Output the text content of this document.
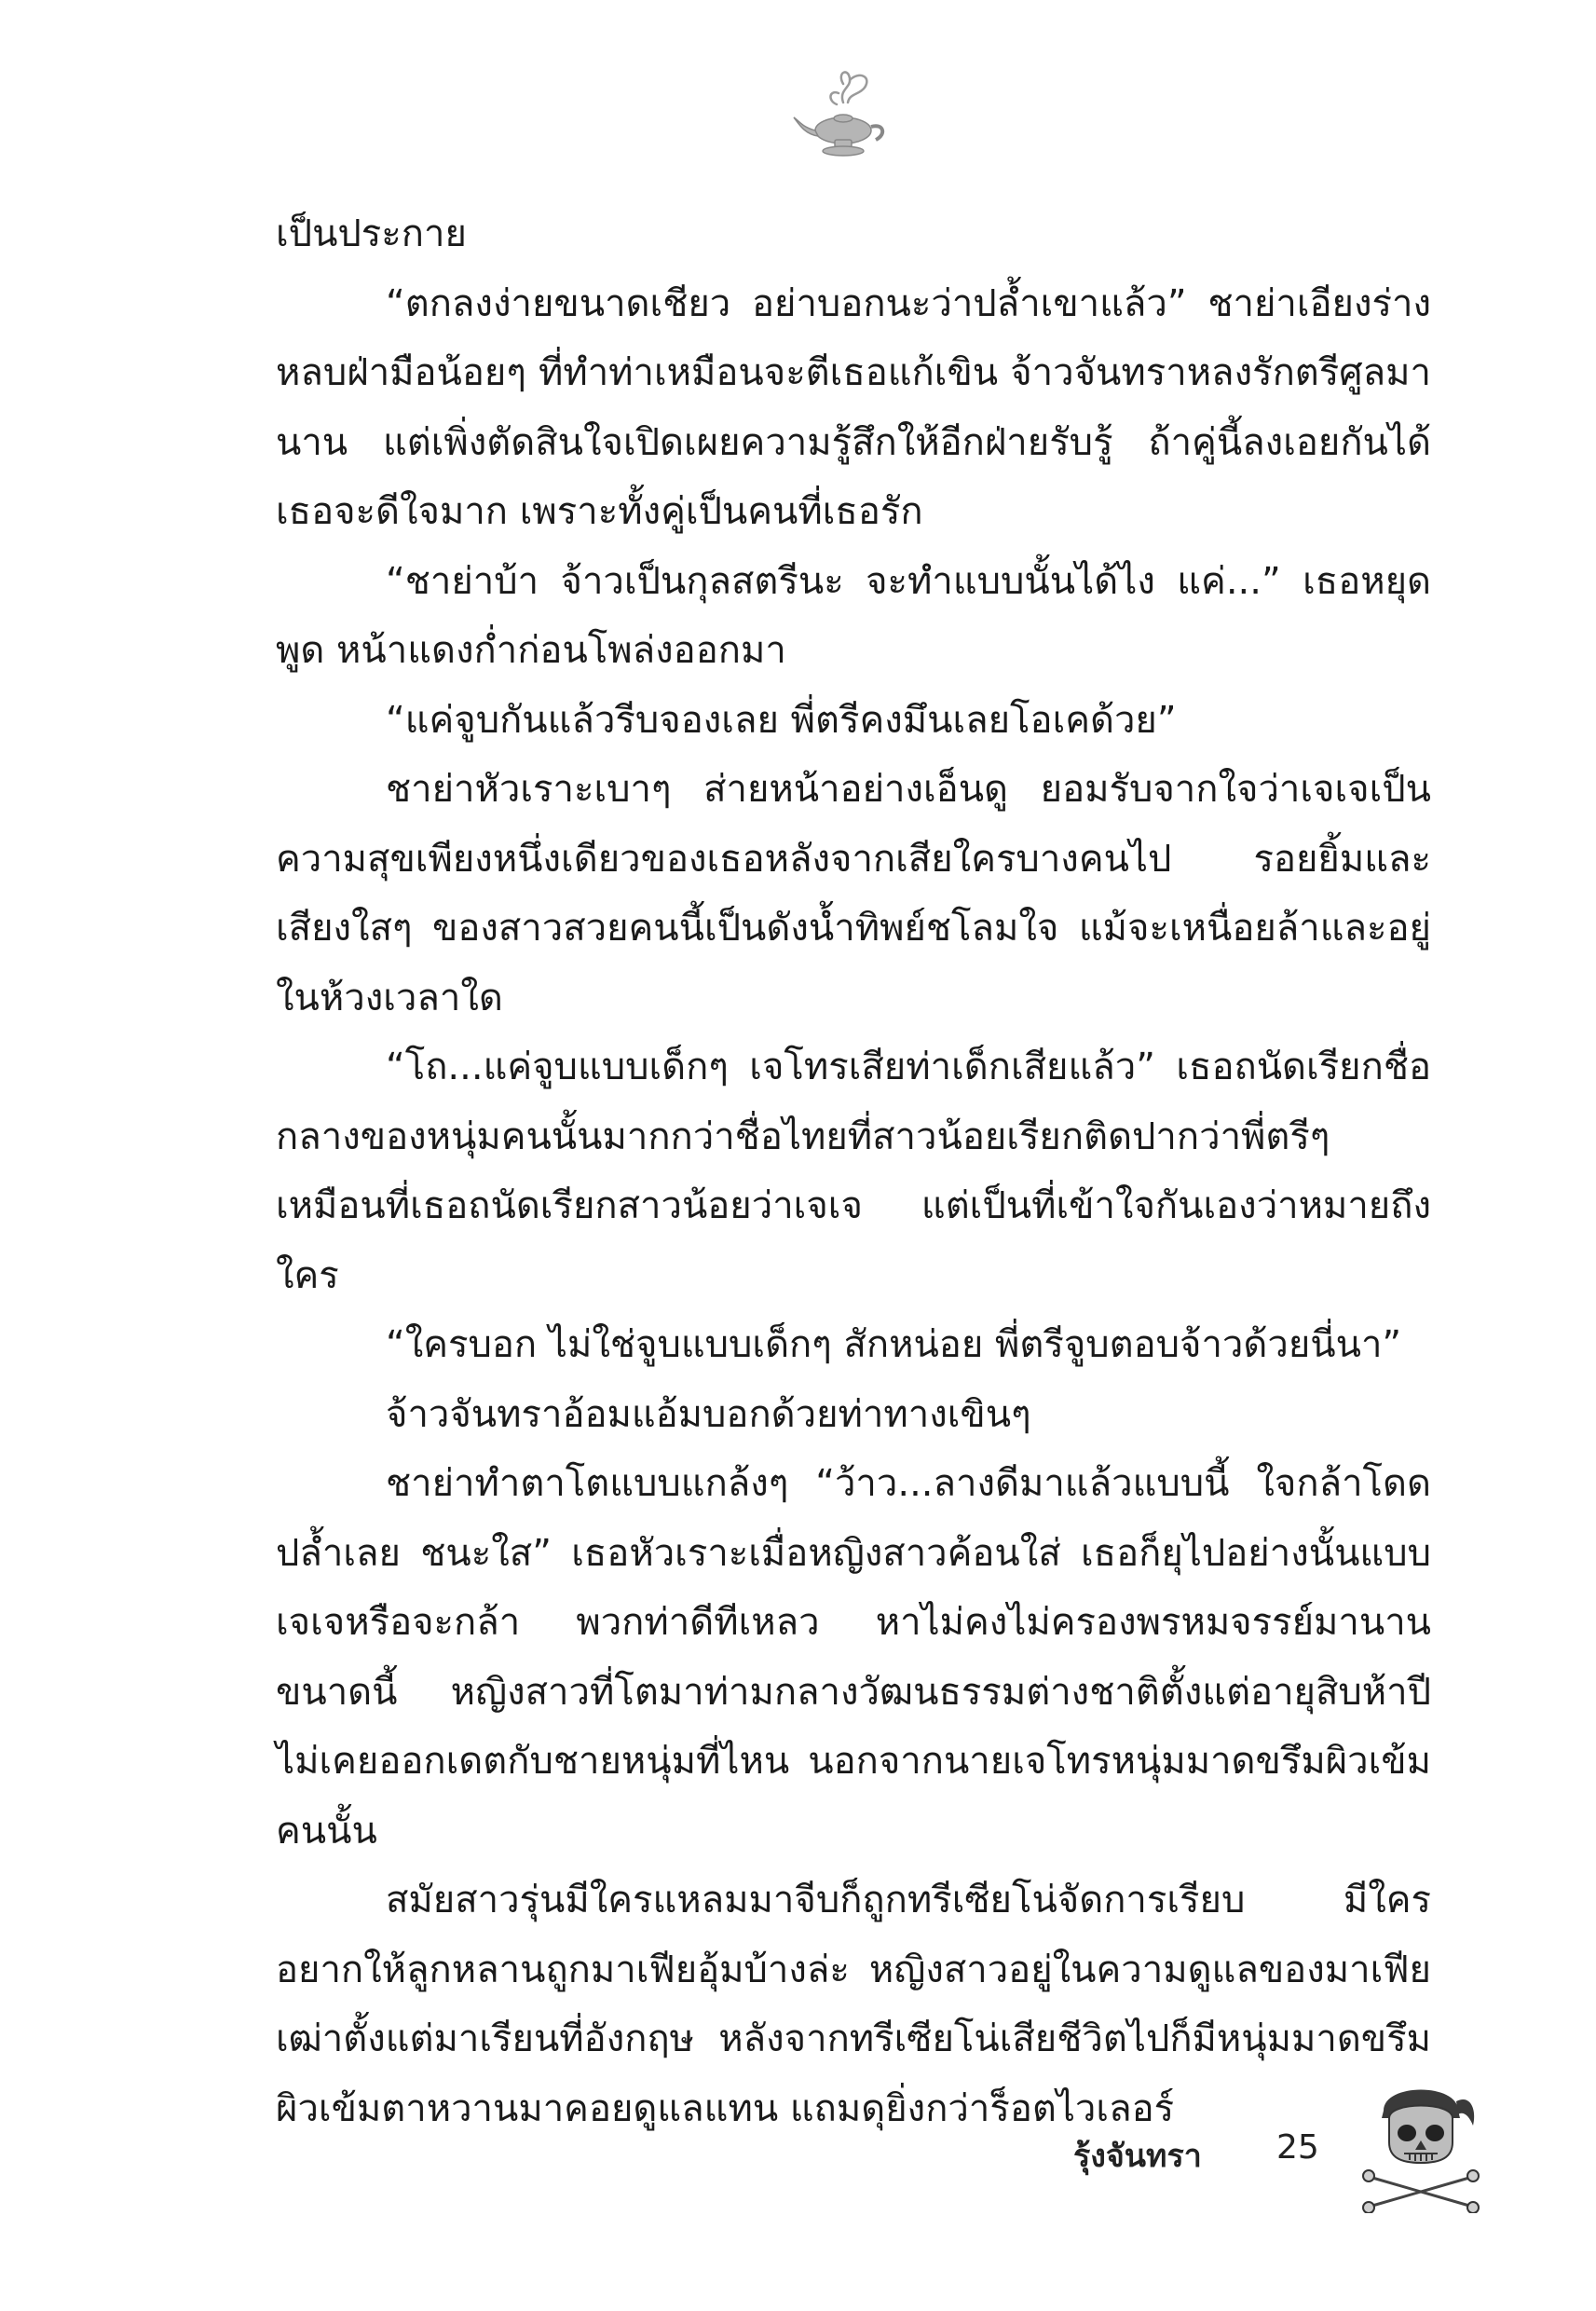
เป็นประกาย

“ตกลงง่ายขนาดเชียว อย่าบอกนะว่าปล้ำเขาแล้ว” ชาย่าเอียงร่างหลบฝ่ามือน้อยๆ ที่ทำท่าเหมือนจะตีเธอแก้เขิน จ้าวจันทราหลงรักตรีศูลมานาน แต่เพิ่งตัดสินใจเปิดเผยความรู้สึกให้อีกฝ่ายรับรู้ ถ้าคู่นี้ลงเอยกันได้เธอจะดีใจมาก เพราะทั้งคู่เป็นคนที่เธอรัก

“ชาย่าบ้า จ้าวเป็นกุลสตรีนะ จะทำแบบนั้นได้ไง แค่...” เธอหยุดพูด หน้าแดงก่ำก่อนโพล่งออกมา

“แค่จูบกันแล้วรีบจองเลย พี่ตรีคงมึนเลยโอเคด้วย”

ชาย่าหัวเราะเบาๆ ส่ายหน้าอย่างเอ็นดู ยอมรับจากใจว่าเจเจเป็นความสุขเพียงหนึ่งเดียวของเธอหลังจากเสียใครบางคนไป รอยยิ้มและเสียงใสๆ ของสาวสวยคนนี้เป็นดังน้ำทิพย์ชโลมใจ แม้จะเหนื่อยล้าและอยู่ในห้วงเวลาใด

“โถ...แค่จูบแบบเด็กๆ เจโทรเสียท่าเด็กเสียแล้ว” เธอถนัดเรียกชื่อกลางของหนุ่มคนนั้นมากกว่าชื่อไทยที่สาวน้อยเรียกติดปากว่าพี่ตรีๆ เหมือนที่เธอถนัดเรียกสาวน้อยว่าเจเจ แต่เป็นที่เข้าใจกันเองว่าหมายถึงใคร

“ใครบอก ไม่ใช่จูบแบบเด็กๆ สักหน่อย พี่ตรีจูบตอบจ้าวด้วยนี่นา”

จ้าวจันทราอ้อมแอ้มบอกด้วยท่าทางเขินๆ

ชาย่าทำตาโตแบบแกล้งๆ “ว้าว...ลางดีมาแล้วแบบนี้ ใจกล้าโดดปล้ำเลย ชนะใส” เธอหัวเราะเมื่อหญิงสาวค้อนใส่ เธอก็ยุไปอย่างนั้นแบบเจเจหรือจะกล้า พวกท่าดีทีเหลว หาไม่คงไม่ครองพรหมจรรย์มานานขนาดนี้ หญิงสาวที่โตมาท่ามกลางวัฒนธรรมต่างชาติตั้งแต่อายุสิบห้าปีไม่เคยออกเดตกับชายหนุ่มที่ไหน นอกจากนายเจโทรหนุ่มมาดขรึมผิวเข้มคนนั้น

สมัยสาวรุ่นมีใครแหลมมาจีบก็ถูกทรีเซียโน่จัดการเรียบ มีใครอยากให้ลูกหลานถูกมาเฟียอุ้มบ้างล่ะ หญิงสาวอยู่ในความดูแลของมาเฟียเฒ่าตั้งแต่มาเรียนที่อังกฤษ หลังจากทรีเซียโน่เสียชีวิตไปก็มีหนุ่มมาดขรึมผิวเข้มตาหวานมาคอยดูแลแทน แถมดุยิ่งกว่าร็อตไวเลอร์

รุ้งจันทรา 25
